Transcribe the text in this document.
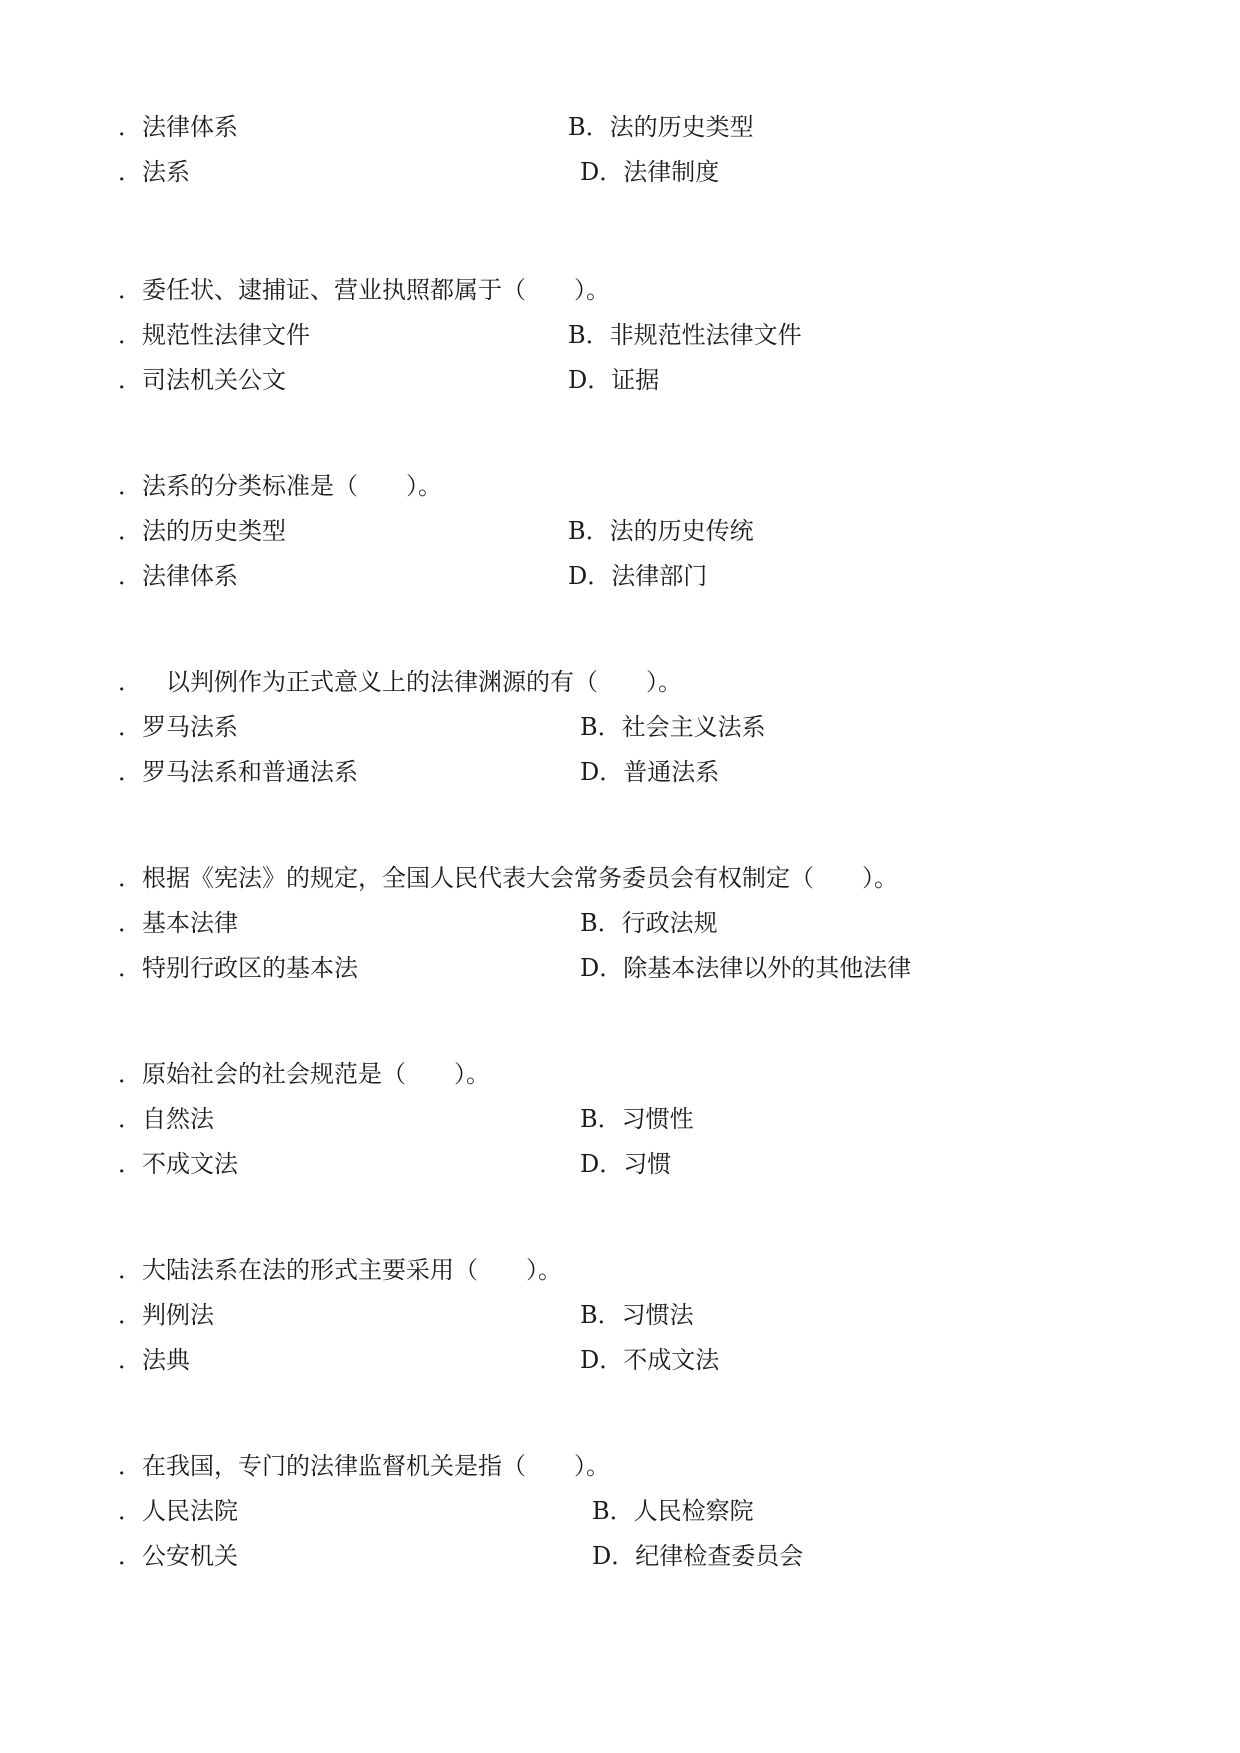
．法律体系	B．法的历史类型
．法系	D．法律制度
．委任状、逮捕证、营业执照都属于（　　）。
．规范性法律文件	B．非规范性法律文件
．司法机关公文	D．证据
．法系的分类标准是（　　）。
．法的历史类型	B．法的历史传统
．法律体系	D．法律部门
．　以判例作为正式意义上的法律渊源的有（　　）。
．罗马法系	B．社会主义法系
．罗马法系和普通法系	D．普通法系
．根据《宪法》的规定，全国人民代表大会常务委员会有权制定（　　）。
．基本法律	B．行政法规
．特别行政区的基本法	D．除基本法律以外的其他法律
．原始社会的社会规范是（　　）。
．自然法	B．习惯性
．不成文法	D．习惯
．大陆法系在法的形式主要采用（　　）。
．判例法	B．习惯法
．法典	D．不成文法
．在我国，专门的法律监督机关是指（　　）。
．人民法院	B．人民检察院
．公安机关	D．纪律检查委员会
